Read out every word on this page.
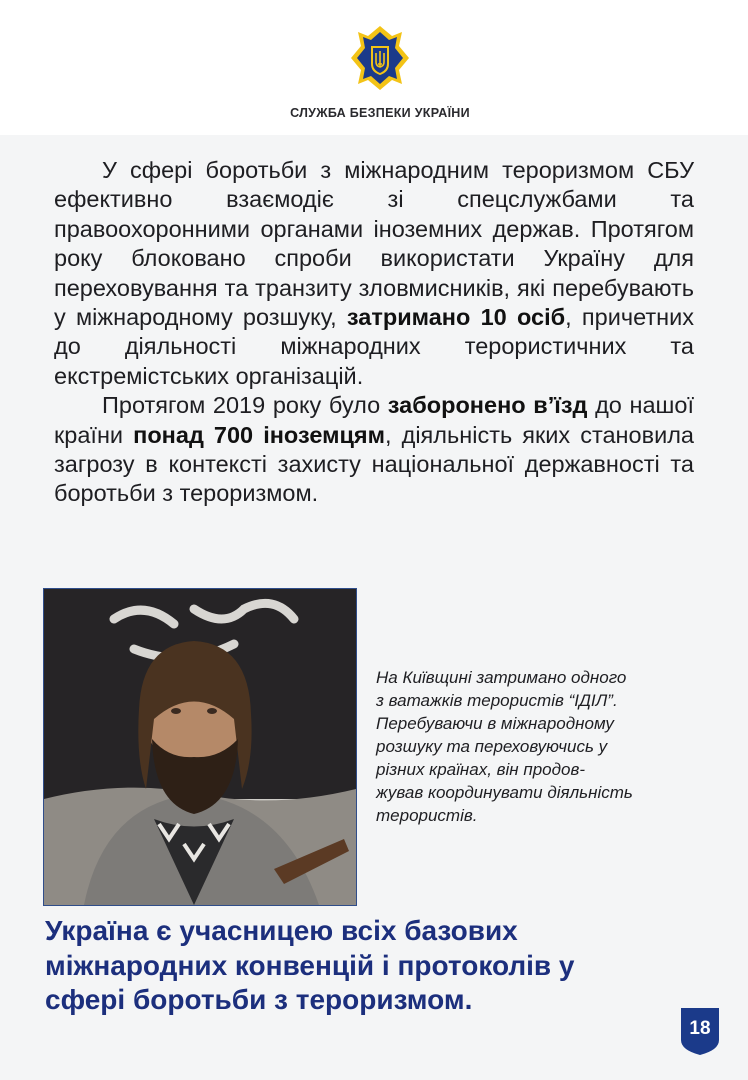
СЛУЖБА БЕЗПЕКИ УКРАЇНИ

У сфері боротьби з міжнародним тероризмом СБУ ефективно взаємодіє зі спецслужбами та правоохоронними органами іноземних держав. Протягом року блоковано спроби використати Україну для переховування та транзиту зловмисників, які перебувають у міжнародному розшуку, затримано 10 осіб, причетних до діяльності міжнародних терористичних та екстремістських організацій.

Протягом 2019 року було заборонено в’їзд до нашої країни понад 700 іноземцям, діяльність яких становила загрозу в контексті захисту національної державності та боротьби з тероризмом.

На Київщині затримано одного
з ватажків терористів “ІДІЛ”.
Перебуваючи в міжнародному
розшуку та переховуючись у
різних країнах, він продов-
жував координувати діяльність
терористів.
Україна є учасницею всіх базових
міжнародних конвенцій і протоколів у
сфері боротьби з тероризмом.
18
